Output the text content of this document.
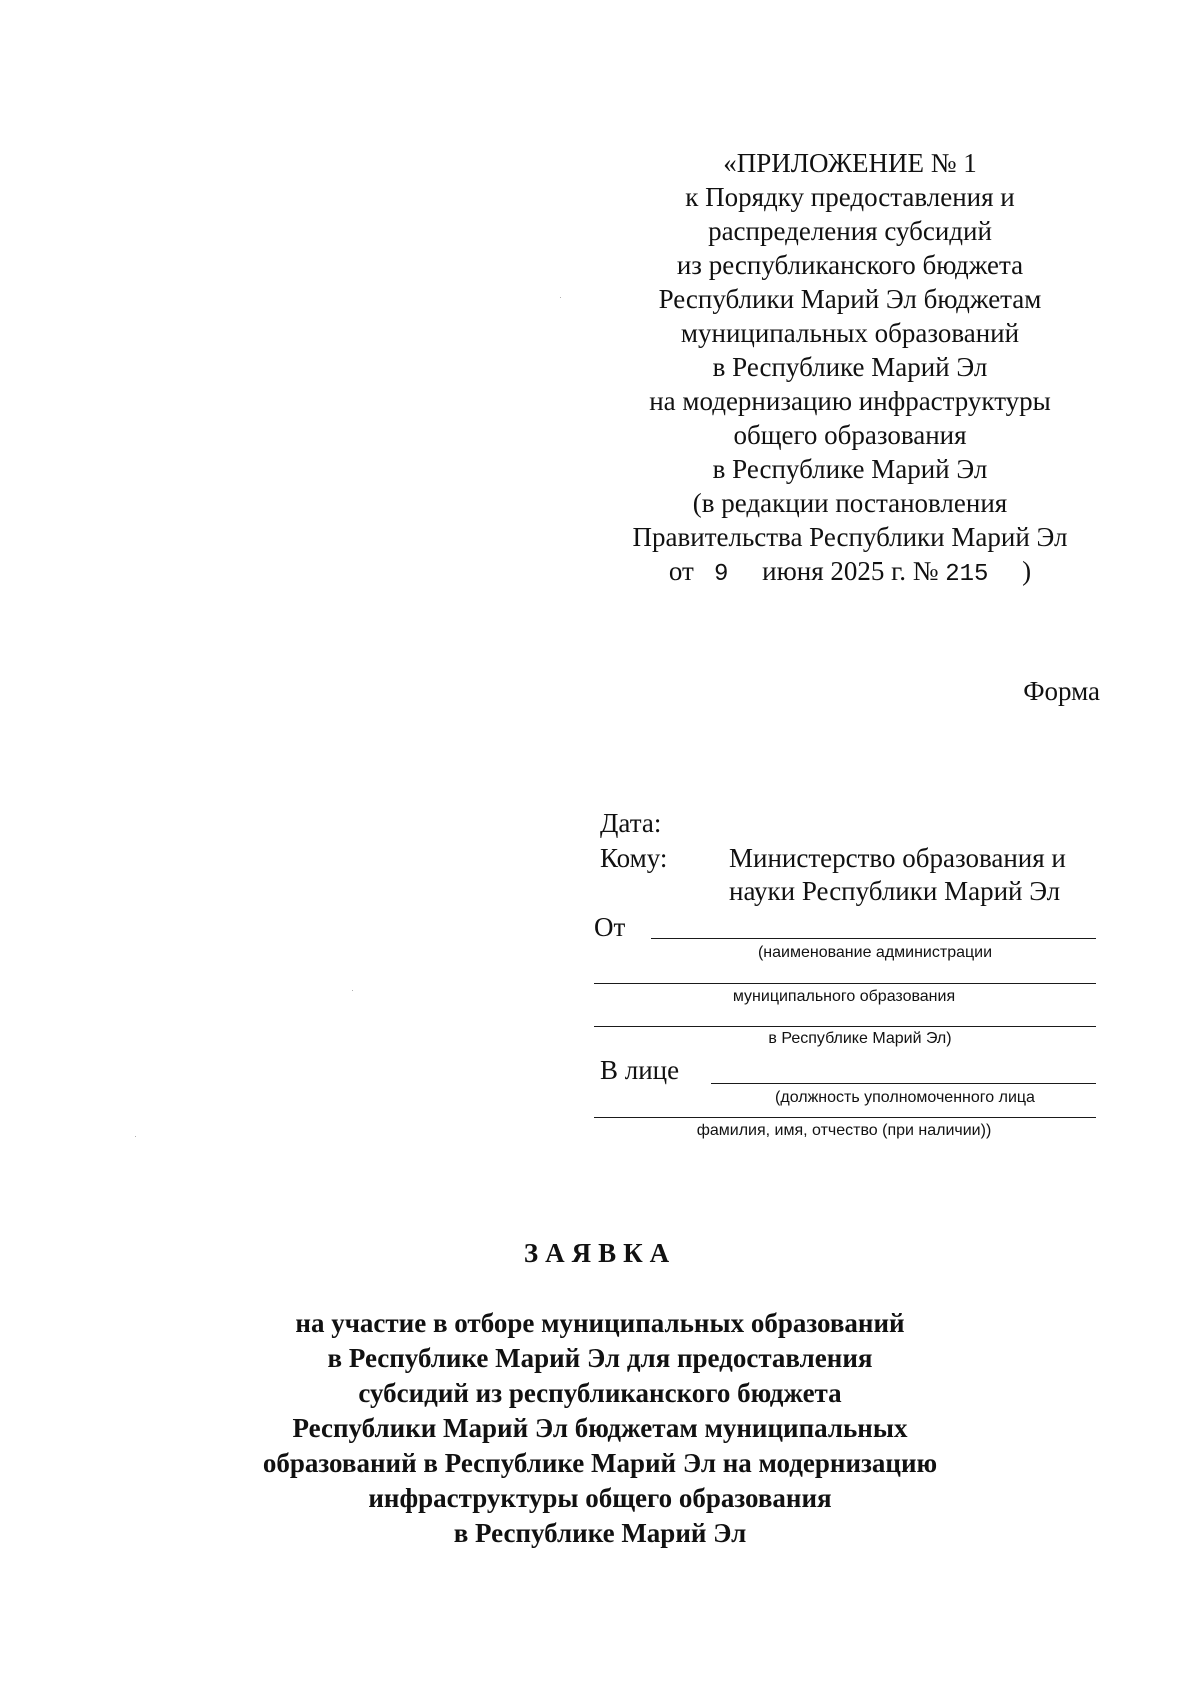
«ПРИЛОЖЕНИЕ № 1
к Порядку предоставления и
распределения субсидий
из республиканского бюджета
Республики Марий Эл бюджетам
муниципальных образований
в Республике Марий Эл
на модернизацию инфраструктуры
общего образования
в Республике Марий Эл
(в редакции постановления
Правительства Республики Марий Эл
от 9 июня 2025 г. № 215 )
Форма
Дата:
Кому: Министерство образования и
науки Республики Марий Эл
От
(наименование администрации
муниципального образования
в Республике Марий Эл)
В лице
(должность уполномоченного лица
фамилия, имя, отчество (при наличии))
ЗАЯВКА
на участие в отборе муниципальных образований
в Республике Марий Эл для предоставления
субсидий из республиканского бюджета
Республики Марий Эл бюджетам муниципальных
образований в Республике Марий Эл на модернизацию
инфраструктуры общего образования
в Республике Марий Эл
